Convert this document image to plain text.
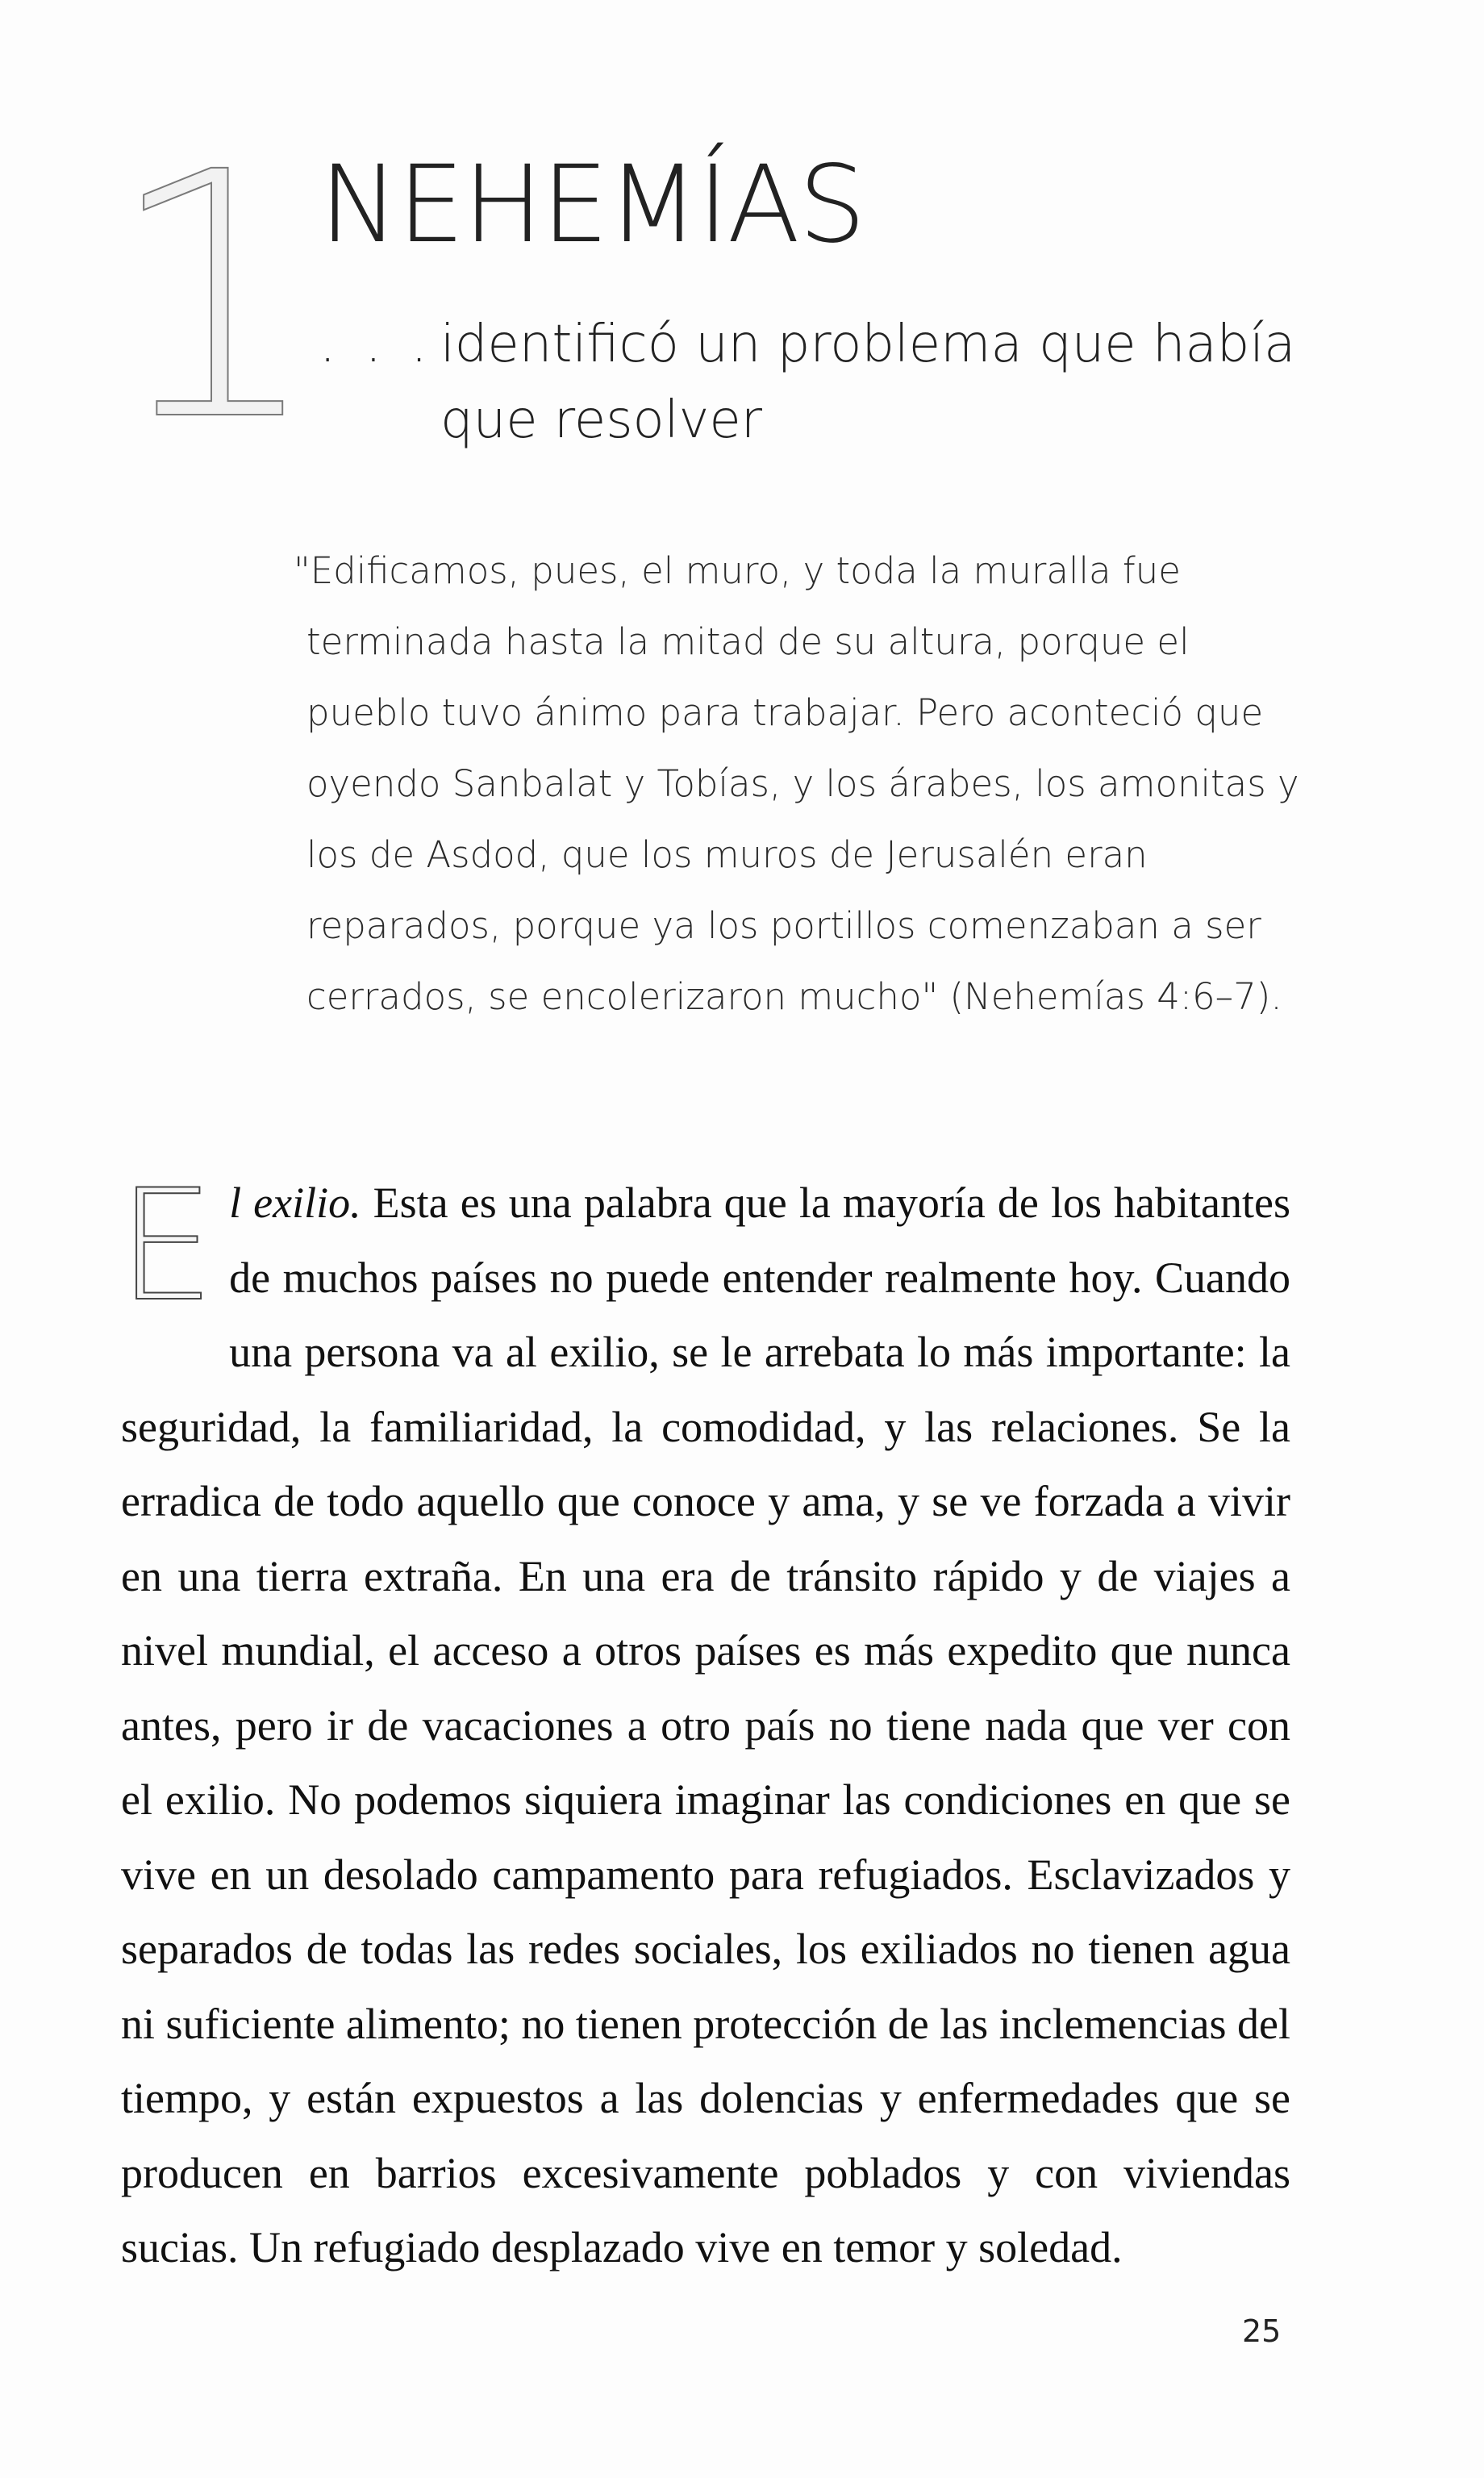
1
NEHEMÍAS

. . . identificó un problema que había
que resolver

"Edificamos, pues, el muro, y toda la muralla fue terminada hasta la mitad de su altura, porque el pueblo tuvo ánimo para trabajar. Pero aconteció que oyendo Sanbalat y Tobías, y los árabes, los amonitas y los de Asdod, que los muros de Jerusalén eran reparados, porque ya los portillos comenzaban a ser cerrados, se encolerizaron mucho" (Nehemías 4:6–7).

El exilio. Esta es una palabra que la mayoría de los habitantes de muchos países no puede entender realmente hoy. Cuando una persona va al exilio, se le arrebata lo más importante: la seguridad, la familiaridad, la comodidad, y las relaciones. Se la erradica de todo aquello que conoce y ama, y se ve forzada a vivir en una tierra extraña. En una era de tránsito rápido y de viajes a nivel mundial, el acceso a otros países es más expedito que nunca antes, pero ir de vacaciones a otro país no tiene nada que ver con el exilio. No podemos siquiera imaginar las condiciones en que se vive en un desolado campamento para refugiados. Esclavizados y separados de todas las redes sociales, los exiliados no tienen agua ni suficiente alimento; no tienen protección de las inclemencias del tiempo, y están expuestos a las dolencias y enfermedades que se producen en barrios excesivamente poblados y con viviendas sucias. Un refugiado desplazado vive en temor y soledad.

25
